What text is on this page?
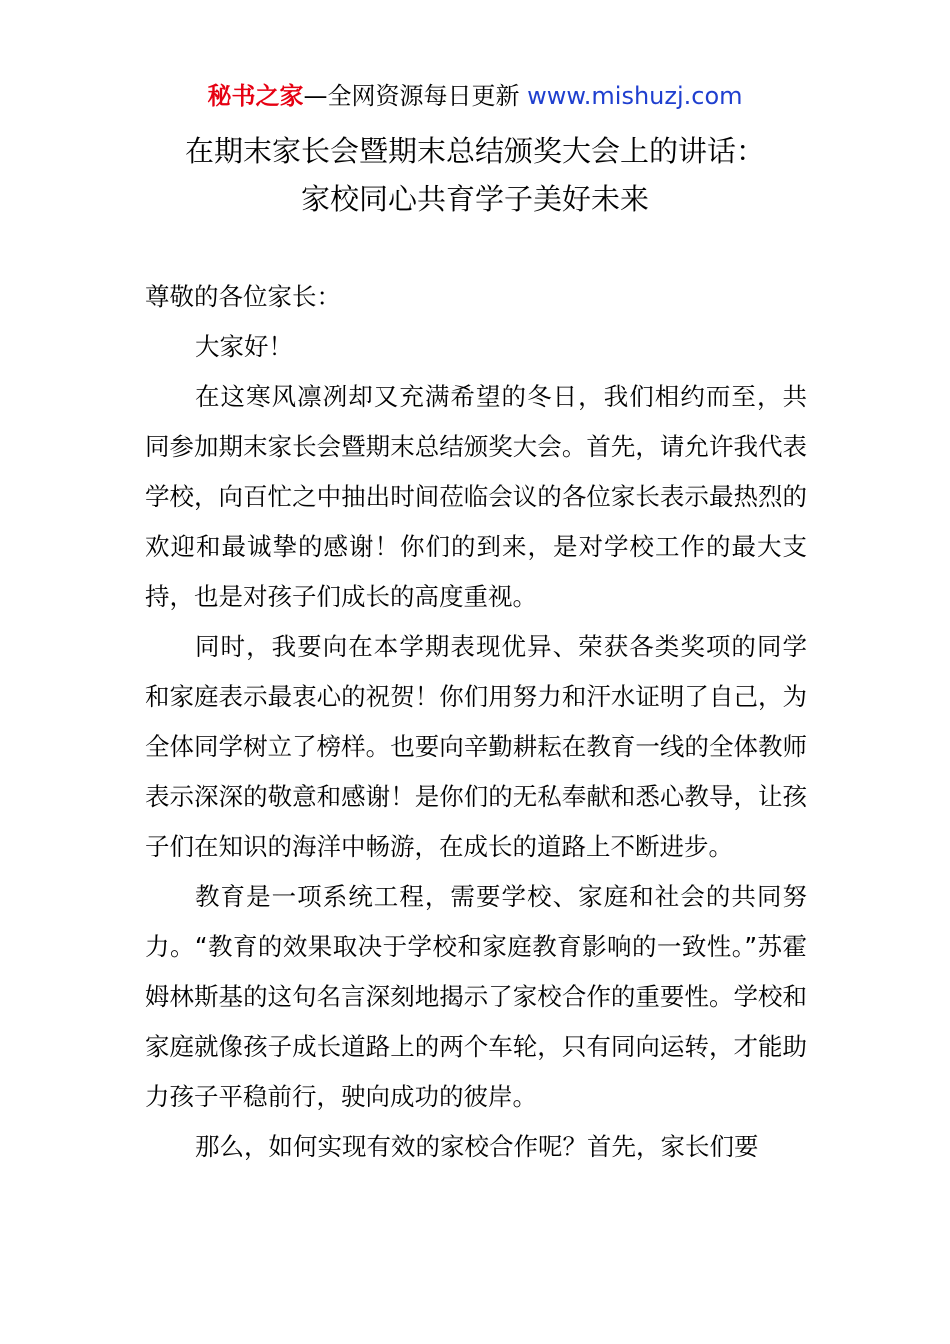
秘书之家—全网资源每日更新 www.mishuzj.com
在期末家长会暨期末总结颁奖大会上的讲话：
家校同心共育学子美好未来

尊敬的各位家长：

大家好！

在这寒风凛冽却又充满希望的冬日，我们相约而至，共同参加期末家长会暨期末总结颁奖大会。首先，请允许我代表学校，向百忙之中抽出时间莅临会议的各位家长表示最热烈的欢迎和最诚挚的感谢！你们的到来，是对学校工作的最大支持，也是对孩子们成长的高度重视。

同时，我要向在本学期表现优异、荣获各类奖项的同学和家庭表示最衷心的祝贺！你们用努力和汗水证明了自己，为全体同学树立了榜样。也要向辛勤耕耘在教育一线的全体教师表示深深的敬意和感谢！是你们的无私奉献和悉心教导，让孩子们在知识的海洋中畅游，在成长的道路上不断进步。

教育是一项系统工程，需要学校、家庭和社会的共同努力。“教育的效果取决于学校和家庭教育影响的一致性。”苏霍姆林斯基的这句名言深刻地揭示了家校合作的重要性。学校和家庭就像孩子成长道路上的两个车轮，只有同向运转，才能助力孩子平稳前行，驶向成功的彼岸。

那么，如何实现有效的家校合作呢？首先，家长们要
